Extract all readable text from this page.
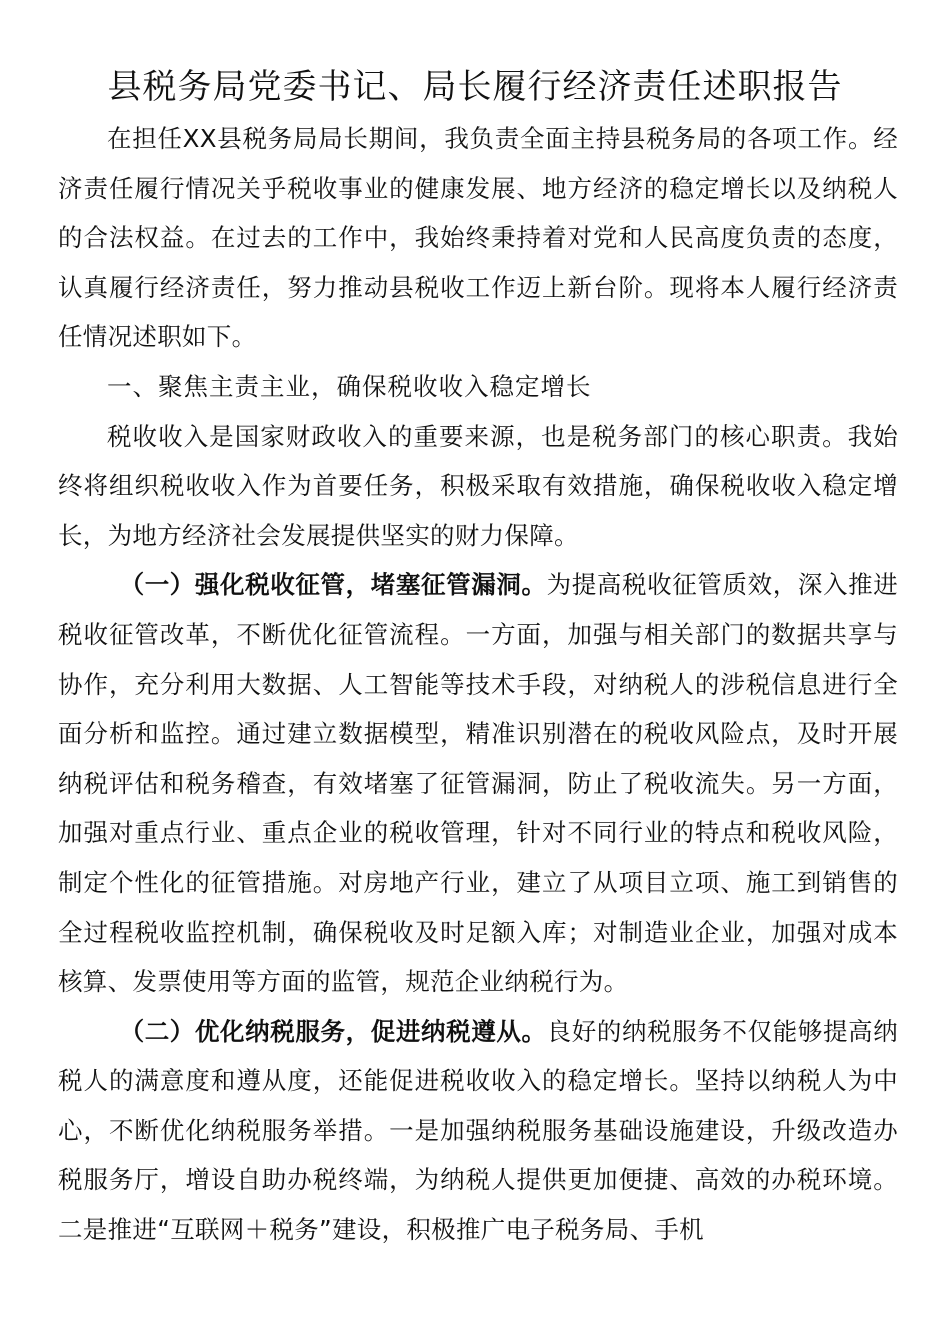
县税务局党委书记、局长履行经济责任述职报告

在担任XX县税务局局长期间，我负责全面主持县税务局的各项工作。经济责任履行情况关乎税收事业的健康发展、地方经济的稳定增长以及纳税人的合法权益。在过去的工作中，我始终秉持着对党和人民高度负责的态度，认真履行经济责任，努力推动县税收工作迈上新台阶。现将本人履行经济责任情况述职如下。

一、聚焦主责主业，确保税收收入稳定增长

税收收入是国家财政收入的重要来源，也是税务部门的核心职责。我始终将组织税收收入作为首要任务，积极采取有效措施，确保税收收入稳定增长，为地方经济社会发展提供坚实的财力保障。

（一）强化税收征管，堵塞征管漏洞。为提高税收征管质效，深入推进税收征管改革，不断优化征管流程。一方面，加强与相关部门的数据共享与协作，充分利用大数据、人工智能等技术手段，对纳税人的涉税信息进行全面分析和监控。通过建立数据模型，精准识别潜在的税收风险点，及时开展纳税评估和税务稽查，有效堵塞了征管漏洞，防止了税收流失。另一方面，加强对重点行业、重点企业的税收管理，针对不同行业的特点和税收风险，制定个性化的征管措施。对房地产行业，建立了从项目立项、施工到销售的全过程税收监控机制，确保税收及时足额入库；对制造业企业，加强对成本核算、发票使用等方面的监管，规范企业纳税行为。

（二）优化纳税服务，促进纳税遵从。良好的纳税服务不仅能够提高纳税人的满意度和遵从度，还能促进税收收入的稳定增长。坚持以纳税人为中心，不断优化纳税服务举措。一是加强纳税服务基础设施建设，升级改造办税服务厅，增设自助办税终端，为纳税人提供更加便捷、高效的办税环境。二是推进“互联网＋税务”建设，积极推广电子税务局、手机
